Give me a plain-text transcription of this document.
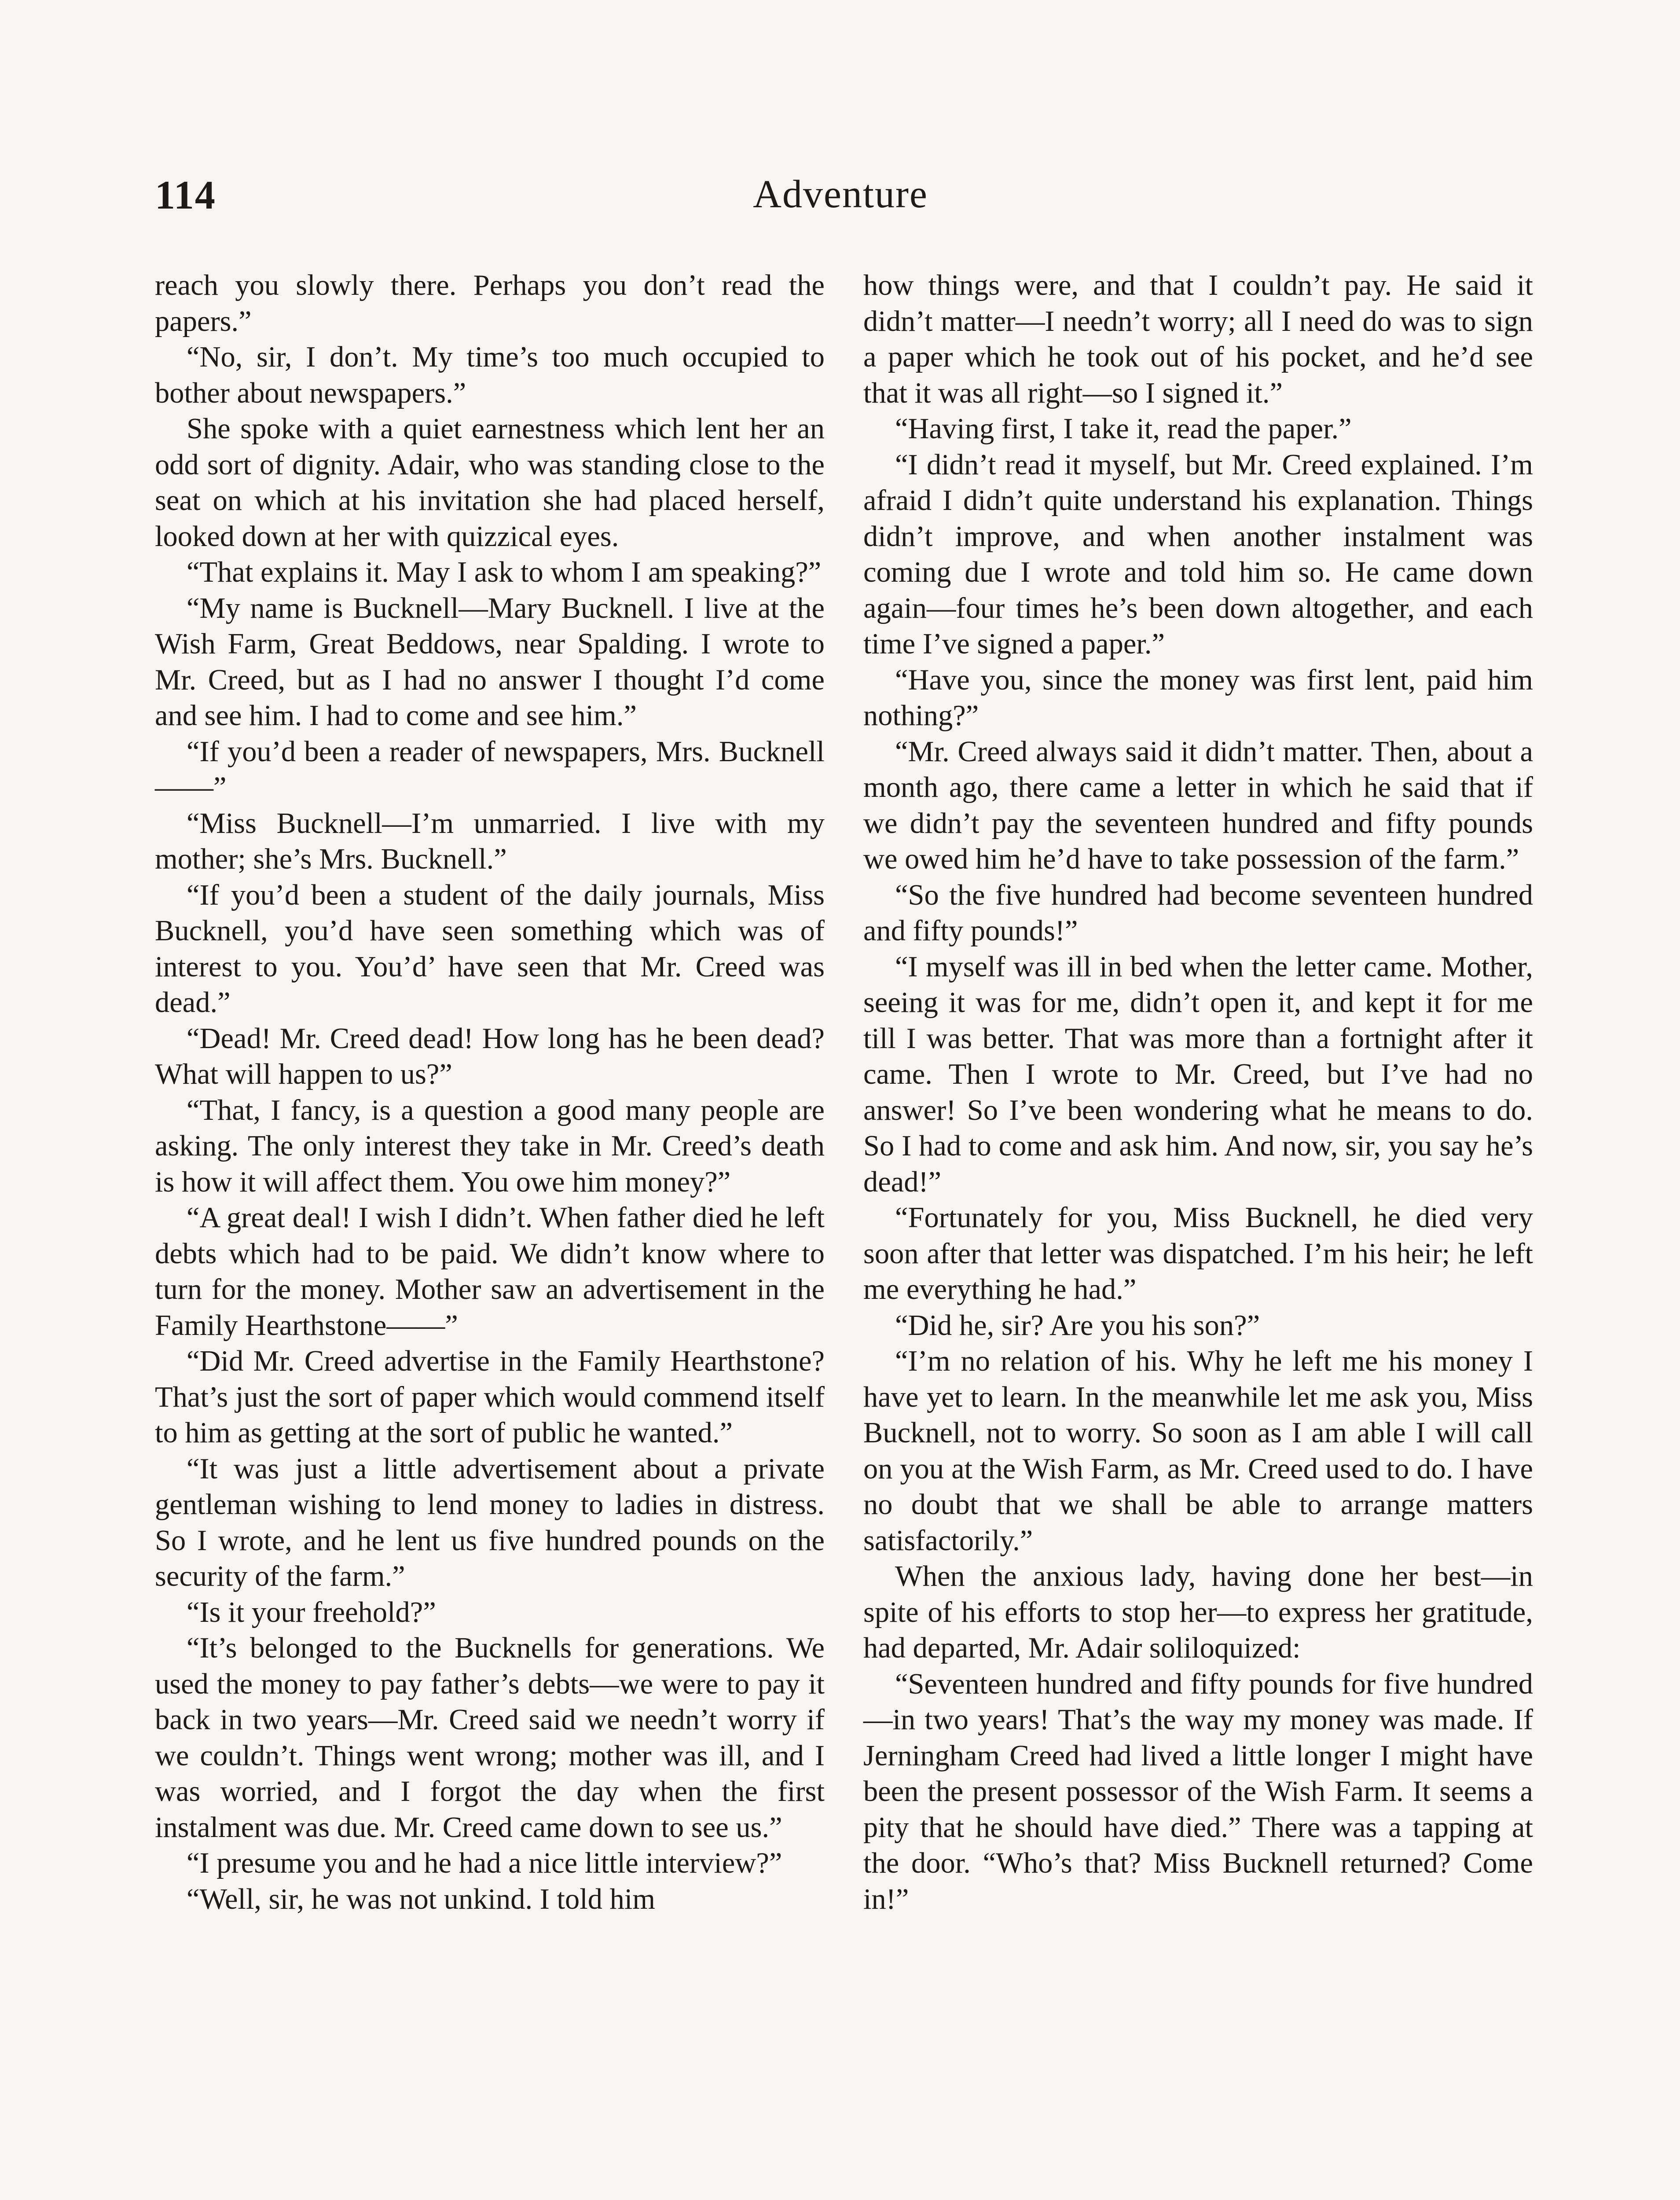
114	Adventure

reach you slowly there. Perhaps you don’t read the papers.”

“No, sir, I don’t. My time’s too much occupied to bother about newspapers.”

She spoke with a quiet earnestness which lent her an odd sort of dignity. Adair, who was standing close to the seat on which at his invitation she had placed herself, looked down at her with quizzical eyes.

“That explains it. May I ask to whom I am speaking?”

“My name is Bucknell—Mary Bucknell. I live at the Wish Farm, Great Beddows, near Spalding. I wrote to Mr. Creed, but as I had no answer I thought I’d come and see him. I had to come and see him.”

“If you’d been a reader of newspapers, Mrs. Bucknell——”

“Miss Bucknell—I’m unmarried. I live with my mother; she’s Mrs. Bucknell.”

“If you’d been a student of the daily journals, Miss Bucknell, you’d have seen something which was of interest to you. You’d’ have seen that Mr. Creed was dead.”

“Dead! Mr. Creed dead! How long has he been dead? What will happen to us?”

“That, I fancy, is a question a good many people are asking. The only interest they take in Mr. Creed’s death is how it will affect them. You owe him money?”

“A great deal! I wish I didn’t. When father died he left debts which had to be paid. We didn’t know where to turn for the money. Mother saw an advertisement in the Family Hearthstone——”

“Did Mr. Creed advertise in the Family Hearthstone? That’s just the sort of paper which would commend itself to him as getting at the sort of public he wanted.”

“It was just a little advertisement about a private gentleman wishing to lend money to ladies in distress. So I wrote, and he lent us five hundred pounds on the security of the farm.”

“Is it your freehold?”

“It’s belonged to the Bucknells for generations. We used the money to pay father’s debts—we were to pay it back in two years—Mr. Creed said we needn’t worry if we couldn’t. Things went wrong; mother was ill, and I was worried, and I forgot the day when the first instalment was due. Mr. Creed came down to see us.”

“I presume you and he had a nice little interview?”

“Well, sir, he was not unkind. I told him

how things were, and that I couldn’t pay. He said it didn’t matter—I needn’t worry; all I need do was to sign a paper which he took out of his pocket, and he’d see that it was all right—so I signed it.”

“Having first, I take it, read the paper.”

“I didn’t read it myself, but Mr. Creed explained. I’m afraid I didn’t quite understand his explanation. Things didn’t improve, and when another instalment was coming due I wrote and told him so. He came down again—four times he’s been down altogether, and each time I’ve signed a paper.”

“Have you, since the money was first lent, paid him nothing?”

“Mr. Creed always said it didn’t matter. Then, about a month ago, there came a letter in which he said that if we didn’t pay the seventeen hundred and fifty pounds we owed him he’d have to take possession of the farm.”

“So the five hundred had become seventeen hundred and fifty pounds!”

“I myself was ill in bed when the letter came. Mother, seeing it was for me, didn’t open it, and kept it for me till I was better. That was more than a fortnight after it came. Then I wrote to Mr. Creed, but I’ve had no answer! So I’ve been wondering what he means to do. So I had to come and ask him. And now, sir, you say he’s dead!”

“Fortunately for you, Miss Bucknell, he died very soon after that letter was dispatched. I’m his heir; he left me everything he had.”

“Did he, sir? Are you his son?”

“I’m no relation of his. Why he left me his money I have yet to learn. In the meanwhile let me ask you, Miss Bucknell, not to worry. So soon as I am able I will call on you at the Wish Farm, as Mr. Creed used to do. I have no doubt that we shall be able to arrange matters satisfactorily.”

When the anxious lady, having done her best—in spite of his efforts to stop her—to express her gratitude, had departed, Mr. Adair soliloquized:

“Seventeen hundred and fifty pounds for five hundred—in two years! That’s the way my money was made. If Jerningham Creed had lived a little longer I might have been the present possessor of the Wish Farm. It seems a pity that he should have died.” There was a tapping at the door. “Who’s that? Miss Bucknell returned? Come in!”
